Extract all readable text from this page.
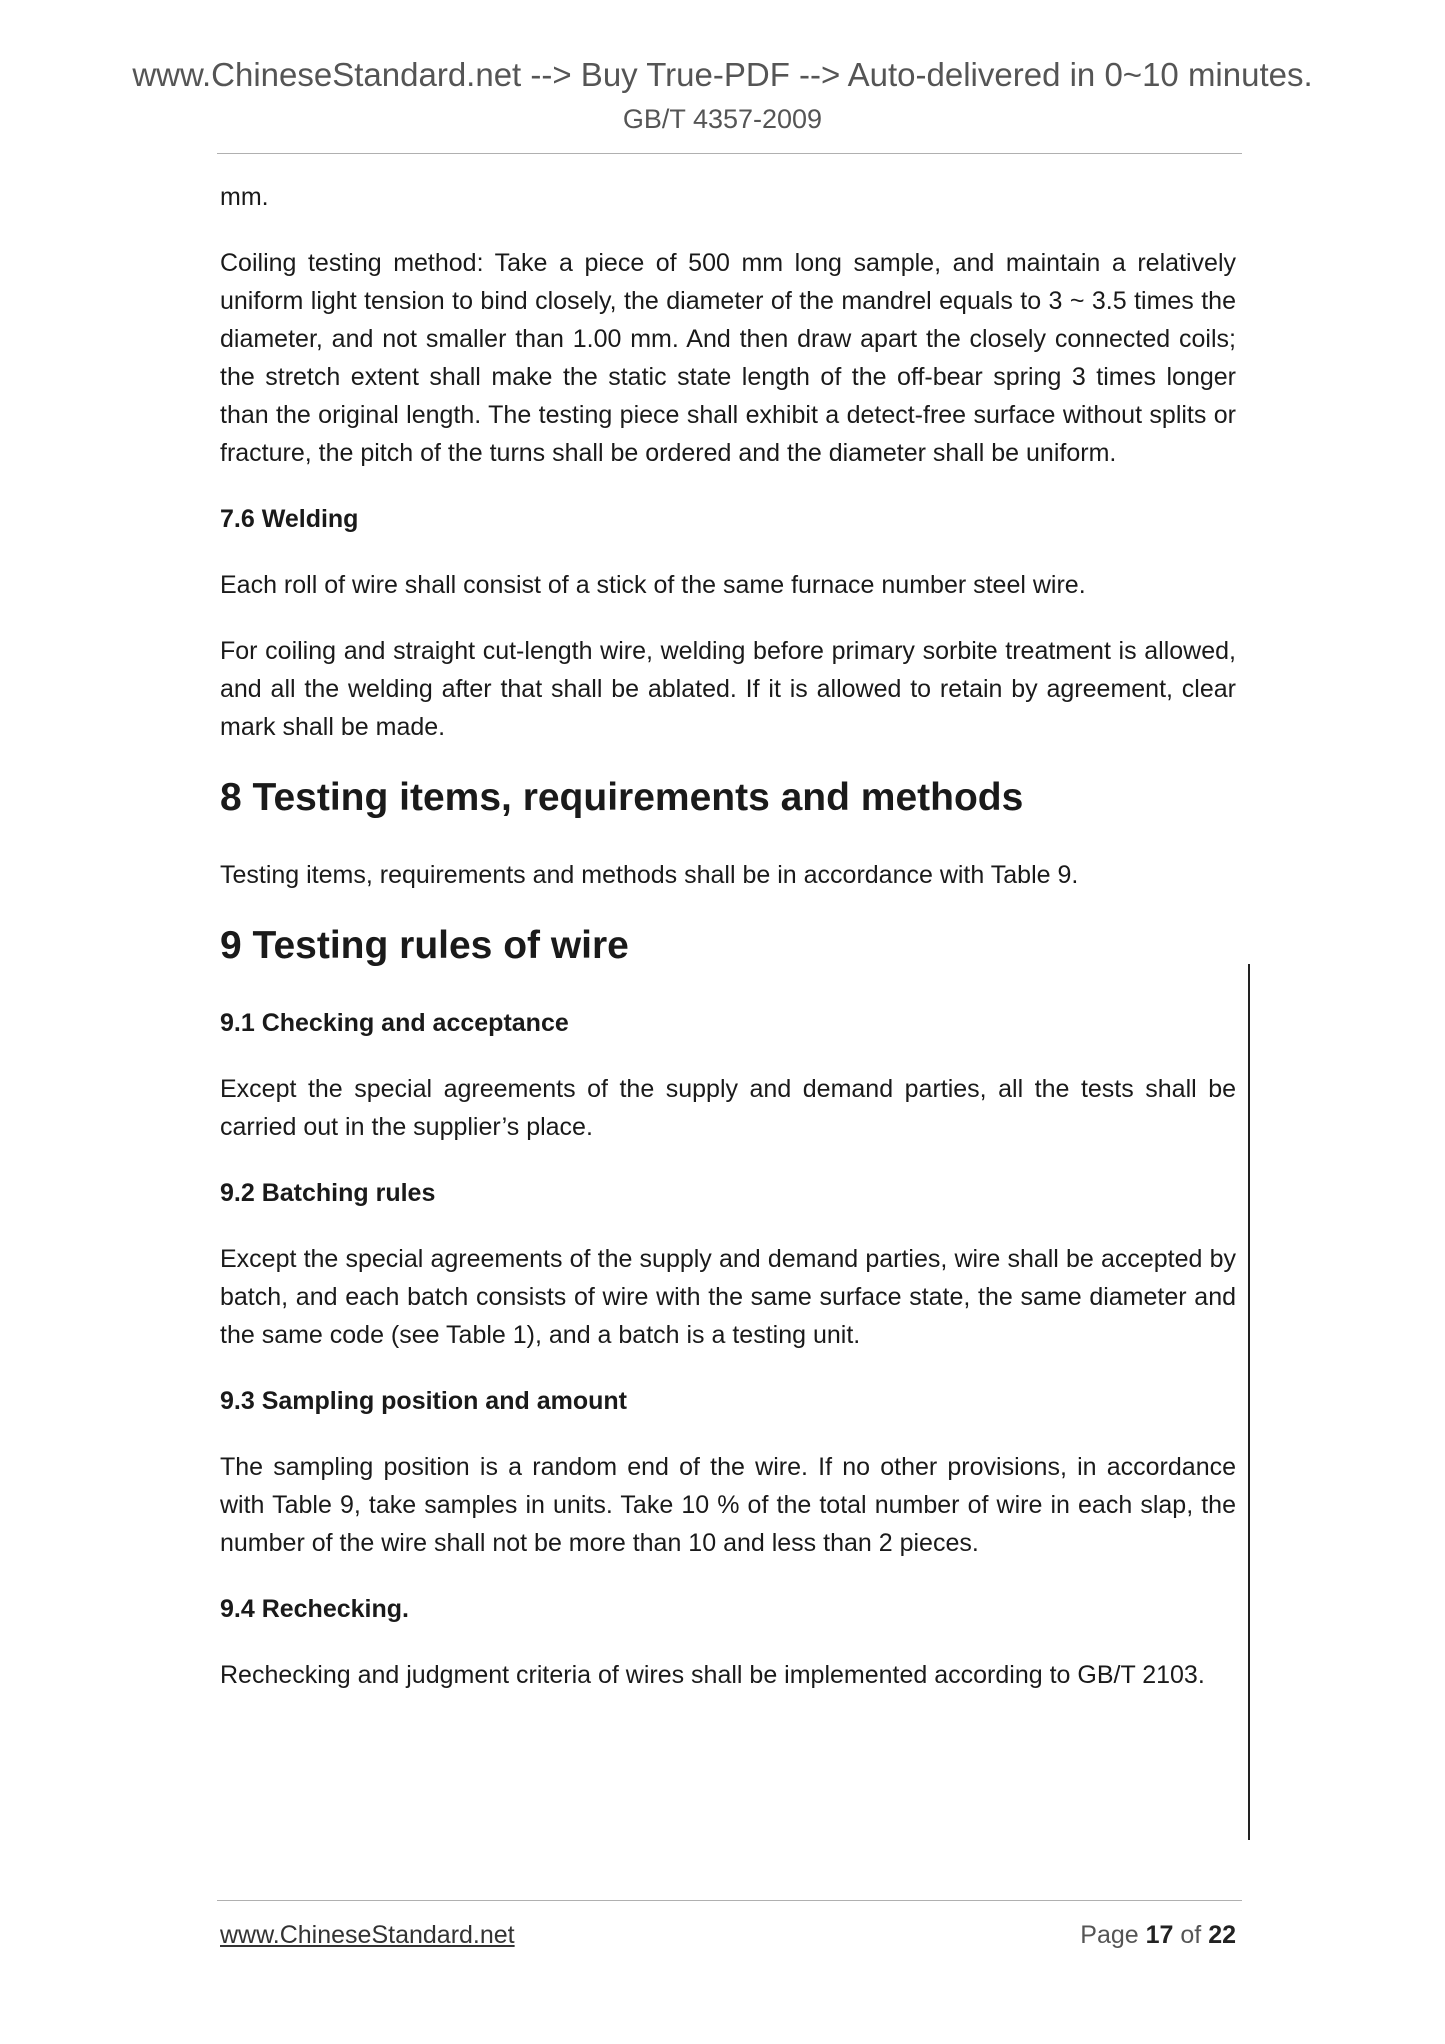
www.ChineseStandard.net --> Buy True-PDF --> Auto-delivered in 0~10 minutes.
GB/T 4357-2009

mm.

Coiling testing method: Take a piece of 500 mm long sample, and maintain a relatively uniform light tension to bind closely, the diameter of the mandrel equals to 3 ~ 3.5 times the diameter, and not smaller than 1.00 mm. And then draw apart the closely connected coils; the stretch extent shall make the static state length of the off-bear spring 3 times longer than the original length. The testing piece shall exhibit a detect-free surface without splits or fracture, the pitch of the turns shall be ordered and the diameter shall be uniform.

7.6 Welding

Each roll of wire shall consist of a stick of the same furnace number steel wire.

For coiling and straight cut-length wire, welding before primary sorbite treatment is allowed, and all the welding after that shall be ablated. If it is allowed to retain by agreement, clear mark shall be made.

8 Testing items, requirements and methods

Testing items, requirements and methods shall be in accordance with Table 9.

9 Testing rules of wire
9.1 Checking and acceptance

Except the special agreements of the supply and demand parties, all the tests shall be carried out in the supplier’s place.

9.2 Batching rules

Except the special agreements of the supply and demand parties, wire shall be accepted by batch, and each batch consists of wire with the same surface state, the same diameter and the same code (see Table 1), and a batch is a testing unit.

9.3 Sampling position and amount

The sampling position is a random end of the wire. If no other provisions, in accordance with Table 9, take samples in units. Take 10 % of the total number of wire in each slap, the number of the wire shall not be more than 10 and less than 2 pieces.

9.4 Rechecking.

Rechecking and judgment criteria of wires shall be implemented according to GB/T 2103.

www.ChineseStandard.net	Page 17 of 22
